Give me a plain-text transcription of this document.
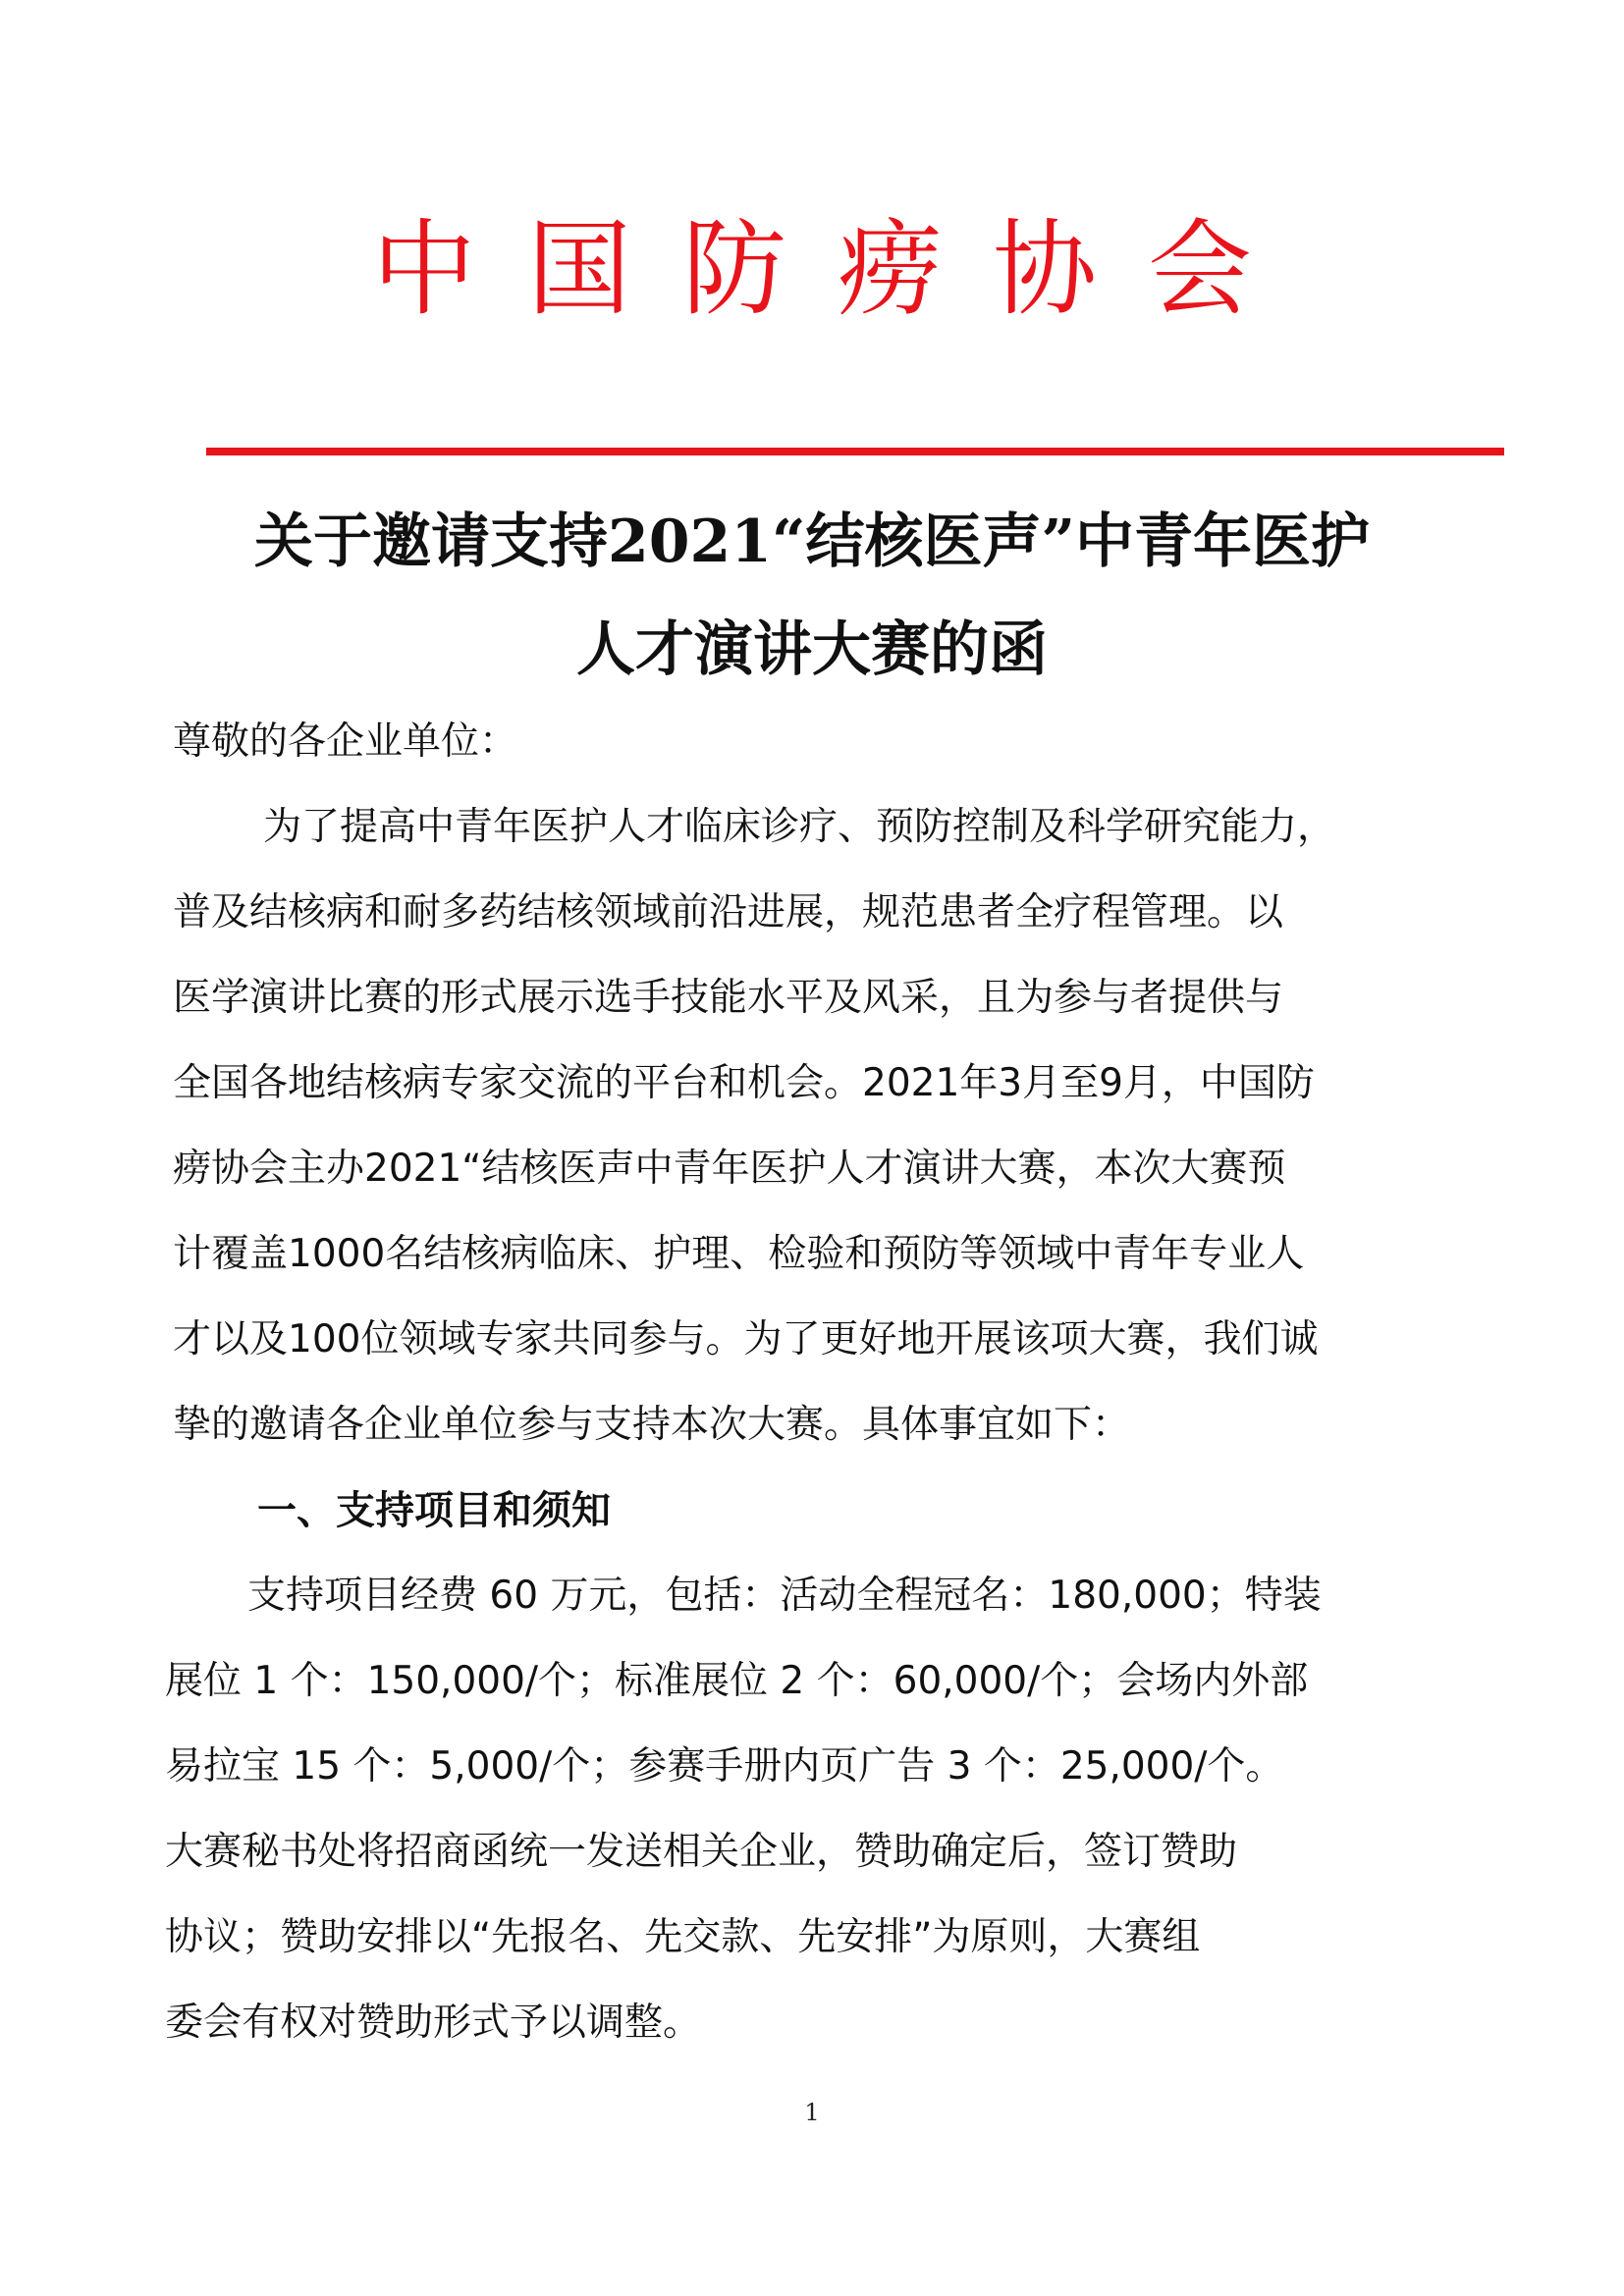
中国防痨协会
关于邀请支持2021“结核医声”中青年医护
人才演讲大赛的函
尊敬的各企业单位：
为了提高中青年医护人才临床诊疗、预防控制及科学研究能力，
普及结核病和耐多药结核领域前沿进展，规范患者全疗程管理。以
医学演讲比赛的形式展示选手技能水平及风采，且为参与者提供与
全国各地结核病专家交流的平台和机会。2021年3月至9月，中国防
痨协会主办2021“结核医声中青年医护人才演讲大赛，本次大赛预
计覆盖1000名结核病临床、护理、检验和预防等领域中青年专业人
才以及100位领域专家共同参与。为了更好地开展该项大赛，我们诚
挚的邀请各企业单位参与支持本次大赛。具体事宜如下：
一、支持项目和须知
支持项目经费 60 万元，包括：活动全程冠名：180,000；特装
展位 1 个：150,000/个；标准展位 2 个：60,000/个；会场内外部
易拉宝 15 个：5,000/个；参赛手册内页广告 3 个：25,000/个。
大赛秘书处将招商函统一发送相关企业，赞助确定后，签订赞助
协议；赞助安排以“先报名、先交款、先安排”为原则，大赛组
委会有权对赞助形式予以调整。
1
